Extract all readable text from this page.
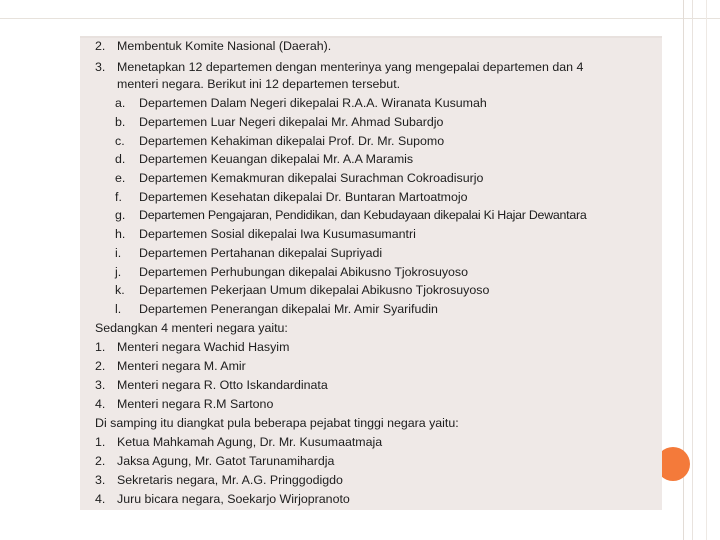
2. Membentuk Komite Nasional (Daerah).
3. Menetapkan 12 departemen dengan menterinya yang mengepalai departemen dan 4
menteri negara. Berikut ini 12 departemen tersebut.
a. Departemen Dalam Negeri dikepalai R.A.A. Wiranata Kusumah
b. Departemen Luar Negeri dikepalai Mr. Ahmad Subardjo
c. Departemen Kehakiman dikepalai Prof. Dr. Mr. Supomo
d. Departemen Keuangan dikepalai Mr. A.A Maramis
e. Departemen Kemakmuran dikepalai Surachman Cokroadisurjo
f. Departemen Kesehatan dikepalai Dr. Buntaran Martoatmojo
g. Departemen Pengajaran, Pendidikan, dan Kebudayaan dikepalai Ki Hajar Dewantara
h. Departemen Sosial dikepalai Iwa Kusumasumantri
i. Departemen Pertahanan dikepalai Supriyadi
j. Departemen Perhubungan dikepalai Abikusno Tjokrosuyoso
k. Departemen Pekerjaan Umum dikepalai Abikusno Tjokrosuyoso
l. Departemen Penerangan dikepalai Mr. Amir Syarifudin
Sedangkan 4 menteri negara yaitu:
1. Menteri negara Wachid Hasyim
2. Menteri negara M. Amir
3. Menteri negara R. Otto Iskandardinata
4. Menteri negara R.M Sartono
Di samping itu diangkat pula beberapa pejabat tinggi negara yaitu:
1. Ketua Mahkamah Agung, Dr. Mr. Kusumaatmaja
2. Jaksa Agung, Mr. Gatot Tarunamihardja
3. Sekretaris negara, Mr. A.G. Pringgodigdo
4. Juru bicara negara, Soekarjo Wirjopranoto
